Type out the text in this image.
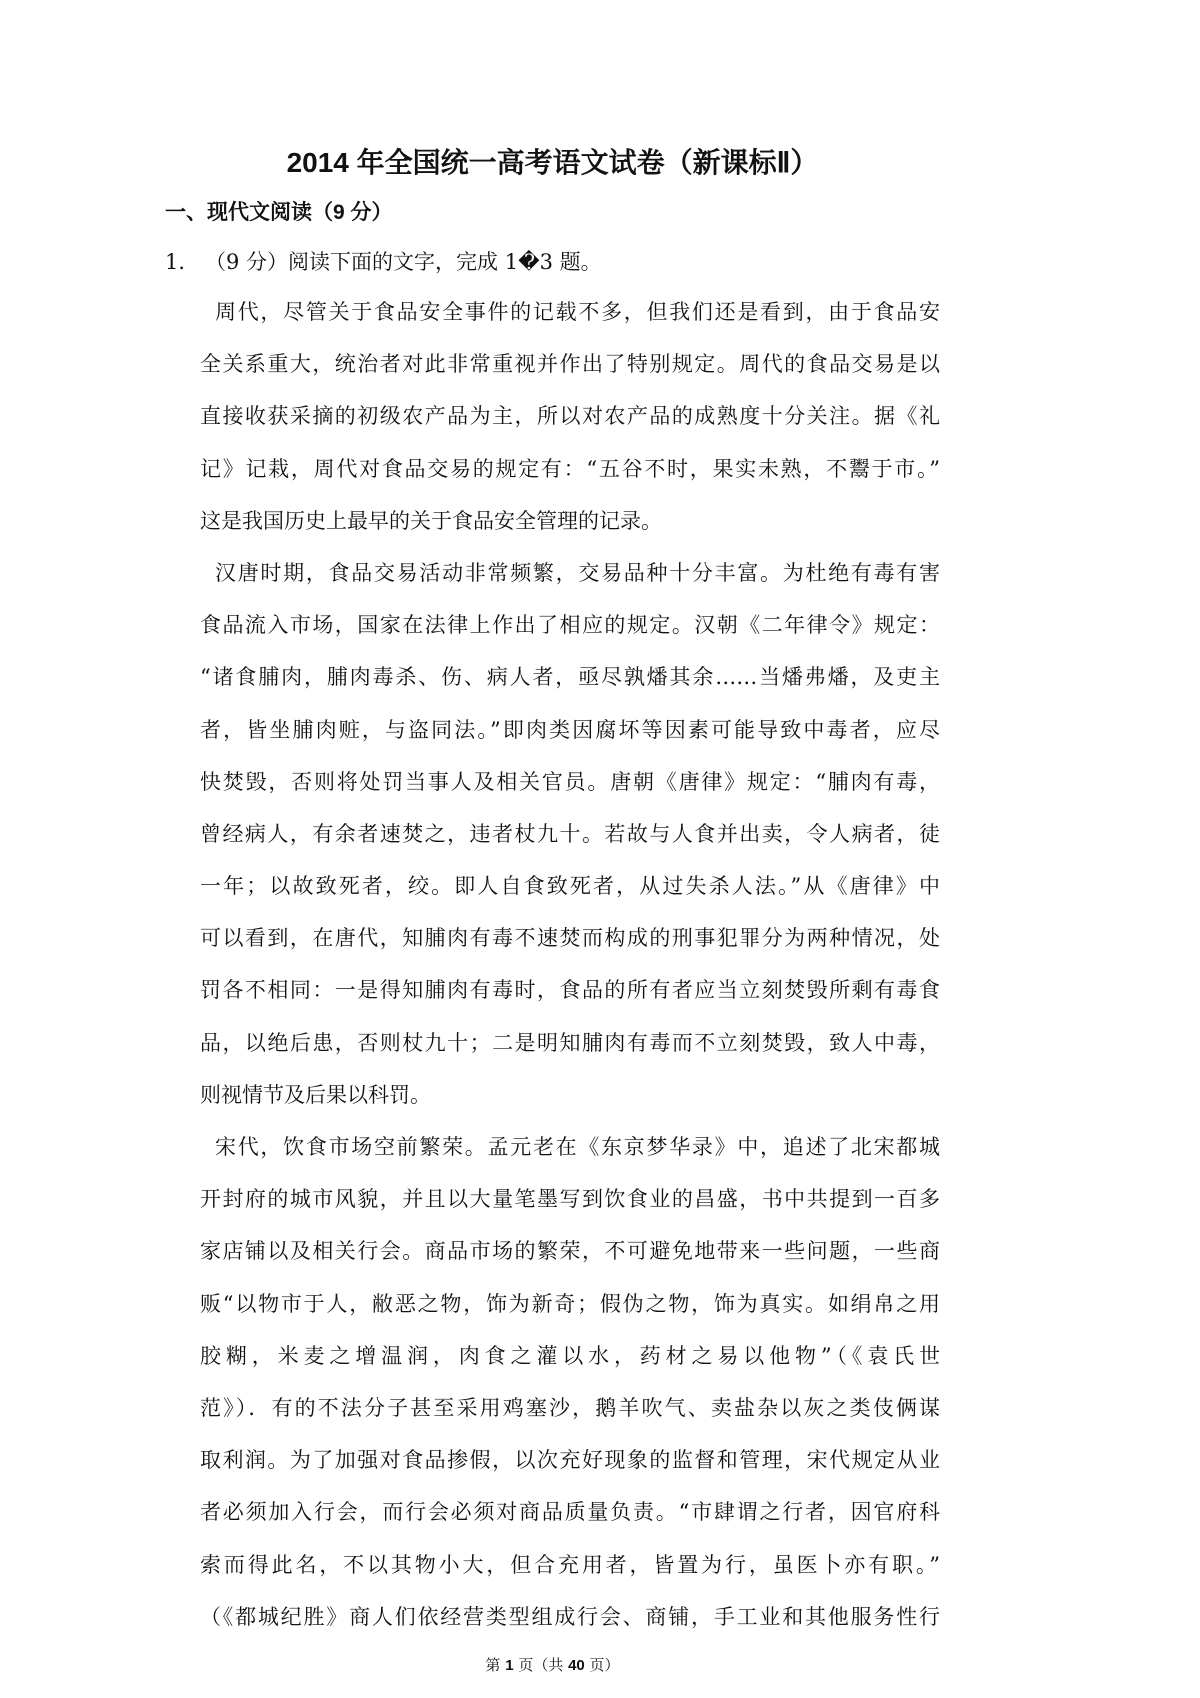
2014 年全国统一高考语文试卷（新课标Ⅱ）
一、现代文阅读（9 分）
1． （9 分）阅读下面的文字，完成 1�3 题。
周代，尽管关于食品安全事件的记载不多，但我们还是看到，由于食品安
全关系重大，统治者对此非常重视并作出了特别规定。周代的食品交易是以
直接收获采摘的初级农产品为主，所以对农产品的成熟度十分关注。据《礼
记》记栽，周代对食品交易的规定有：“五谷不时，果实未熟，不鬻于市。”
这是我国历史上最早的关于食品安全管理的记录。
汉唐时期，食品交易活动非常频繁，交易品种十分丰富。为杜绝有毒有害
食品流入市场，国家在法律上作出了相应的规定。汉朝《二年律令》规定：
“诸食脯肉，脯肉毒杀、伤、病人者，亟尽孰燔其余……当燔弗燔，及吏主
者，皆坐脯肉赃，与盗同法。”即肉类因腐坏等因素可能导致中毒者，应尽
快焚毁，否则将处罚当事人及相关官员。唐朝《唐律》规定：“脯肉有毒，
曾经病人，有余者速焚之，违者杖九十。若故与人食并出卖，令人病者，徒
一年；以故致死者，绞。即人自食致死者，从过失杀人法。”从《唐律》中
可以看到，在唐代，知脯肉有毒不速焚而构成的刑事犯罪分为两种情况，处
罚各不相同：一是得知脯肉有毒时，食品的所有者应当立刻焚毁所剩有毒食
品，以绝后患，否则杖九十；二是明知脯肉有毒而不立刻焚毁，致人中毒，
则视情节及后果以科罚。
宋代，饮食市场空前繁荣。孟元老在《东京梦华录》中，追述了北宋都城
开封府的城市风貌，并且以大量笔墨写到饮食业的昌盛，书中共提到一百多
家店铺以及相关行会。商品市场的繁荣，不可避免地带来一些问题，一些商
贩“以物市于人，敝恶之物，饰为新奇；假伪之物，饰为真实。如绢帛之用
胶糊，米麦之增温润，肉食之灌以水，药材之易以他物”（《袁氏世
范》）．有的不法分子甚至采用鸡塞沙，鹅羊吹气、卖盐杂以灰之类伎俩谋
取利润。为了加强对食品掺假，以次充好现象的监督和管理，宋代规定从业
者必须加入行会，而行会必须对商品质量负责。“市肆谓之行者，因官府科
索而得此名，不以其物小大，但合充用者，皆置为行，虽医卜亦有职。”
（《都城纪胜》商人们依经营类型组成行会、商铺，手工业和其他服务性行
第 1 页（共 40 页）
